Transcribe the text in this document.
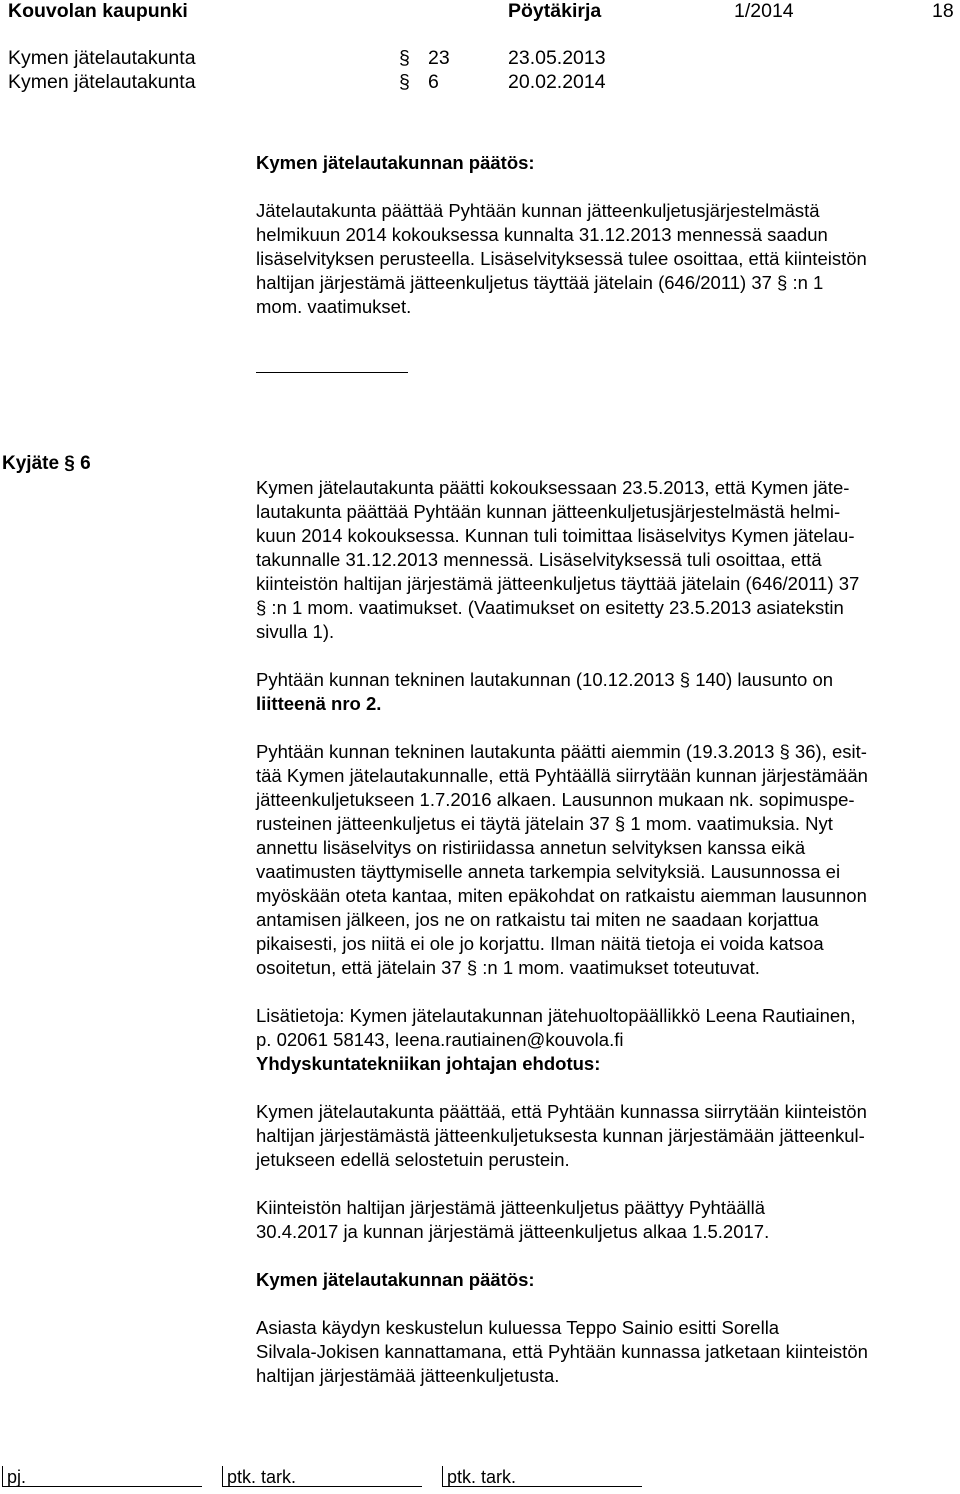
Kouvolan kaupunki	Pöytäkirja	1/2014	18
Kymen jätelautakunta	§ 23	23.05.2013
Kymen jätelautakunta	§ 6	20.02.2014

Kymen jätelautakunnan päätös:

Jätelautakunta päättää Pyhtään kunnan jätteenkuljetusjärjestelmästä

helmikuun 2014 kokouksessa kunnalta 31.12.2013 mennessä saadun

lisäselvityksen perusteella. Lisäselvityksessä tulee osoittaa, että kiinteistön

haltijan järjestämä jätteenkuljetus täyttää jätelain (646/2011) 37 § :n 1

mom. vaatimukset.

Kyjäte § 6

Kymen jätelautakunta päätti kokouksessaan 23.5.2013, että Kymen jäte-

lautakunta päättää Pyhtään kunnan jätteenkuljetusjärjestelmästä helmi-

kuun 2014 kokouksessa. Kunnan tuli toimittaa lisäselvitys Kymen jätelau-

takunnalle 31.12.2013 mennessä. Lisäselvityksessä tuli osoittaa, että

kiinteistön haltijan järjestämä jätteenkuljetus täyttää jätelain (646/2011) 37

§ :n 1 mom. vaatimukset. (Vaatimukset on esitetty 23.5.2013 asiatekstin

sivulla 1).

Pyhtään kunnan tekninen lautakunnan (10.12.2013 § 140) lausunto on

liitteenä nro 2.

Pyhtään kunnan tekninen lautakunta päätti aiemmin (19.3.2013 § 36), esit-

tää Kymen jätelautakunnalle, että Pyhtäällä siirrytään kunnan järjestämään

jätteenkuljetukseen 1.7.2016 alkaen. Lausunnon mukaan nk. sopimuspe-

rusteinen jätteenkuljetus ei täytä jätelain 37 § 1 mom. vaatimuksia. Nyt

annettu lisäselvitys on ristiriidassa annetun selvityksen kanssa eikä

vaatimusten täyttymiselle anneta tarkempia selvityksiä. Lausunnossa ei

myöskään oteta kantaa, miten epäkohdat on ratkaistu aiemman lausunnon

antamisen jälkeen, jos ne on ratkaistu tai miten ne saadaan korjattua

pikaisesti, jos niitä ei ole jo korjattu. Ilman näitä tietoja ei voida katsoa

osoitetun, että jätelain 37 § :n 1 mom. vaatimukset toteutuvat.

Lisätietoja: Kymen jätelautakunnan jätehuoltopäällikkö Leena Rautiainen,

p. 02061 58143, leena.rautiainen@kouvola.fi

Yhdyskuntatekniikan johtajan ehdotus:

Kymen jätelautakunta päättää, että Pyhtään kunnassa siirrytään kiinteistön

haltijan järjestämästä jätteenkuljetuksesta kunnan järjestämään jätteenkul-

jetukseen edellä selostetuin perustein.

Kiinteistön haltijan järjestämä jätteenkuljetus päättyy Pyhtäällä

30.4.2017 ja kunnan järjestämä jätteenkuljetus alkaa 1.5.2017.

Kymen jätelautakunnan päätös:

Asiasta käydyn keskustelun kuluessa Teppo Sainio esitti Sorella

Silvala-Jokisen kannattamana, että Pyhtään kunnassa jatketaan kiinteistön

haltijan järjestämää jätteenkuljetusta.

pj.	ptk. tark.	ptk. tark.
